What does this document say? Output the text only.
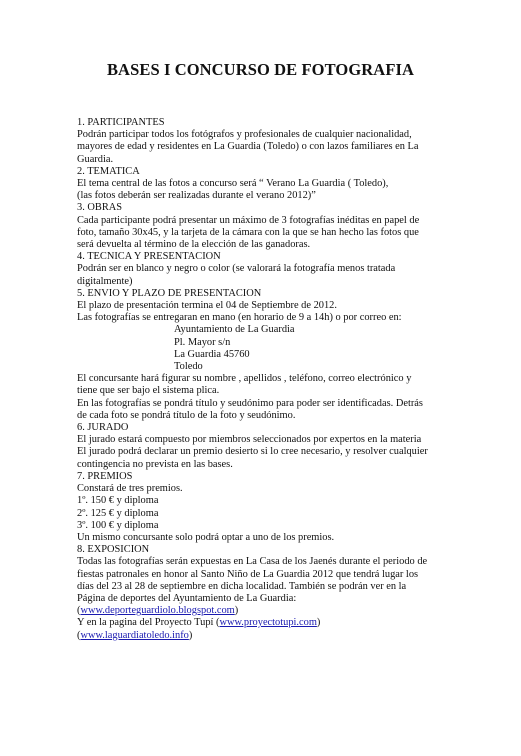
BASES I CONCURSO DE FOTOGRAFIA
1. PARTICIPANTES
Podrán participar todos los fotógrafos y profesionales de cualquier nacionalidad,
mayores de edad y residentes en La Guardia (Toledo) o con lazos familiares en La
Guardia.
2. TEMATICA
El tema central de las fotos a concurso será “ Verano La Guardia ( Toledo),
(las fotos deberán ser realizadas durante el verano 2012)”
3. OBRAS
Cada participante podrá presentar un máximo de 3 fotografías inéditas en papel de
foto, tamaño 30x45, y la tarjeta de la cámara con la que se han hecho las fotos que
será devuelta al término de la elección de las ganadoras.
4. TECNICA Y PRESENTACION
Podrán ser en blanco y negro o color (se valorará la fotografía menos tratada
digitalmente)
5. ENVIO Y PLAZO DE PRESENTACION
El plazo de presentación termina el 04 de Septiembre de 2012.
Las fotografías se entregaran en mano (en horario de 9 a 14h) o por correo en:
Ayuntamiento de La Guardia
Pl. Mayor s/n
La Guardia 45760
Toledo
El concursante hará figurar su nombre , apellidos , teléfono, correo electrónico y
tiene que ser bajo el sistema plica.
En las fotografías se pondrá título y seudónimo para poder ser identificadas. Detrás
de cada foto se pondrá título de la foto y seudónimo.
6. JURADO
El jurado estará compuesto por miembros seleccionados por expertos en la materia
El jurado podrá declarar un premio desierto si lo cree necesario, y resolver cualquier
contingencia no prevista en las bases.
7. PREMIOS
Constará de tres premios.
1º. 150 € y diploma
2º. 125 € y diploma
3º. 100 € y diploma
Un mismo concursante solo podrá optar a uno de los premios.
8. EXPOSICION
Todas las fotografías serán expuestas en La Casa de los Jaenés durante el periodo de
fiestas patronales en honor al Santo Niño de La Guardia 2012 que tendrá lugar los
días del 23 al 28 de septiembre en dicha localidad. También se podrán ver en la
Página de deportes del Ayuntamiento de La Guardia:
(www.deporteguardiolo.blogspot.com)
Y en la pagina del Proyecto Tupí (www.proyectotupi.com)
(www.laguardiatoledo.info)
